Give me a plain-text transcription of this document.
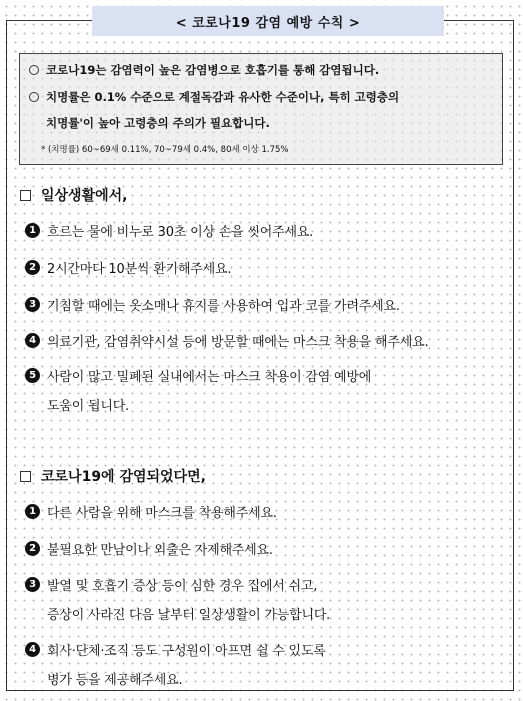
< 코로나19 감염 예방 수칙 >
코로나19는 감염력이 높은 감염병으로 호흡기를 통해 감염됩니다.
치명률은 0.1% 수준으로 계절독감과 유사한 수준이나, 특히 고령층의
치명률'이 높아 고령층의 주의가 필요합니다.
* (치명률) 60~69세 0.11%, 70~79세 0.4%, 80세 이상 1.75%
일상생활에서,
1 흐르는 물에 비누로 30초 이상 손을 씻어주세요.
2 2시간마다 10분씩 환기해주세요.
3 기침할 때에는 옷소매나 휴지를 사용하여 입과 코를 가려주세요.
4 의료기관, 감염취약시설 등에 방문할 때에는 마스크 착용을 해주세요.
5 사람이 많고 밀폐된 실내에서는 마스크 착용이 감염 예방에
도움이 됩니다.
코로나19에 감염되었다면,
1 다른 사람을 위해 마스크를 착용해주세요.
2 불필요한 만남이나 외출은 자제해주세요.
3 발열 및 호흡기 증상 등이 심한 경우 집에서 쉬고,
증상이 사라진 다음 날부터 일상생활이 가능합니다.
4 회사·단체·조직 등도 구성원이 아프면 쉴 수 있도록
병가 등을 제공해주세요.
